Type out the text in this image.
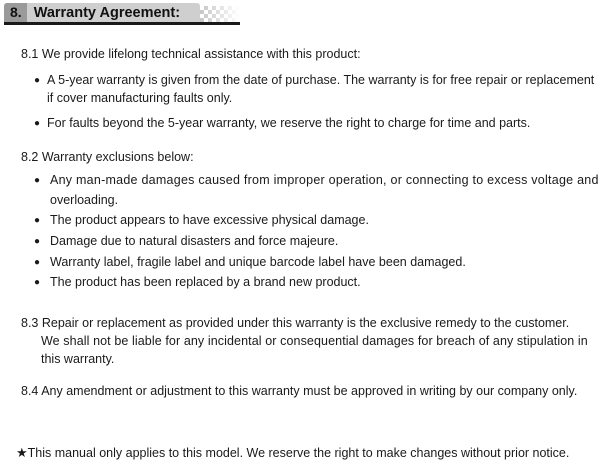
8. Warranty Agreement:
8.1 We provide lifelong technical assistance with this product:
● A 5-year warranty is given from the date of purchase. The warranty is for free repair or replacement
if cover manufacturing faults only.
● For faults beyond the 5-year warranty, we reserve the right to charge for time and parts.
8.2 Warranty exclusions below:
● Any man-made damages caused from improper operation, or connecting to excess voltage and
overloading.
● The product appears to have excessive physical damage.
● Damage due to natural disasters and force majeure.
● Warranty label, fragile label and unique barcode label have been damaged.
● The product has been replaced by a brand new product.
8.3 Repair or replacement as provided under this warranty is the exclusive remedy to the customer.
We shall not be liable for any incidental or consequential damages for breach of any stipulation in
this warranty.
8.4 Any amendment or adjustment to this warranty must be approved in writing by our company only.
★This manual only applies to this model. We reserve the right to make changes without prior notice.
